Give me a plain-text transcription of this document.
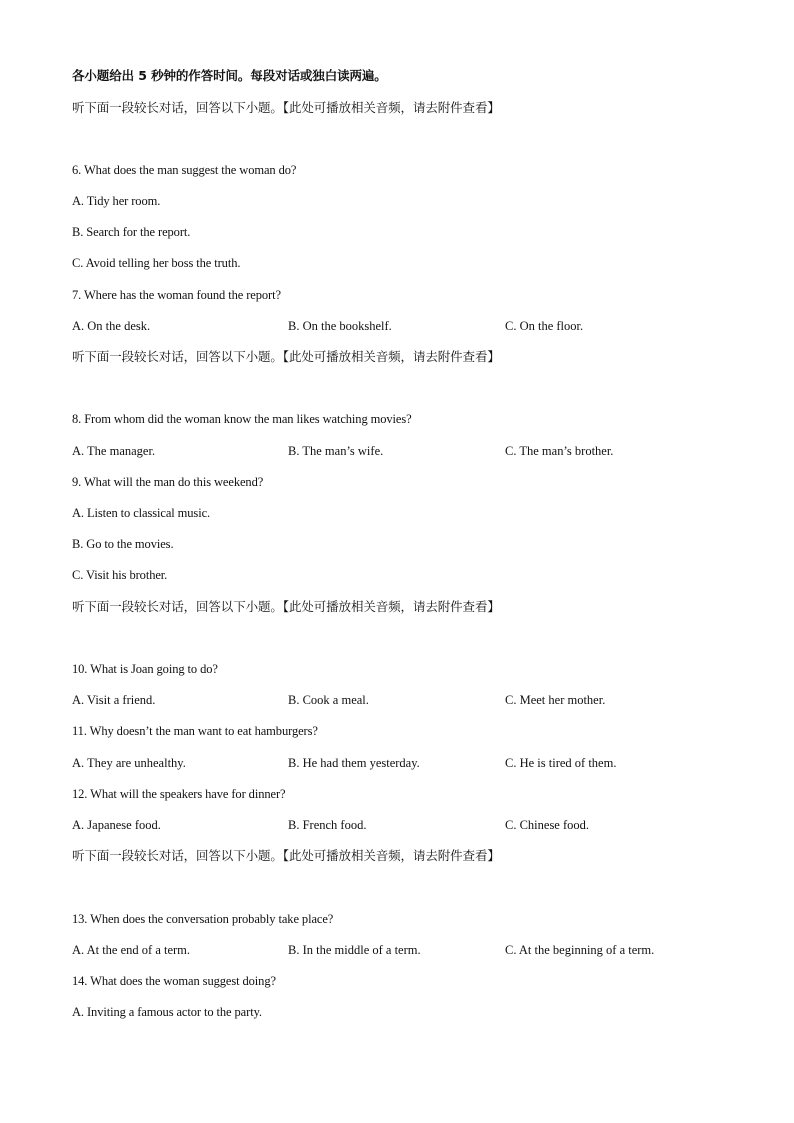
各小题给出 5 秒钟的作答时间。每段对话或独白读两遍。
听下面一段较长对话，回答以下小题。【此处可播放相关音频，请去附件查看】
6. What does the man suggest the woman do?
A. Tidy her room.
B. Search for the report.
C. Avoid telling her boss the truth.
7. Where has the woman found the report?
A. On the desk.	B. On the bookshelf.	C. On the floor.
听下面一段较长对话，回答以下小题。【此处可播放相关音频，请去附件查看】
8. From whom did the woman know the man likes watching movies?
A. The manager.	B. The man’s wife.	C. The man’s brother.
9. What will the man do this weekend?
A. Listen to classical music.
B. Go to the movies.
C. Visit his brother.
听下面一段较长对话，回答以下小题。【此处可播放相关音频，请去附件查看】
10. What is Joan going to do?
A. Visit a friend.	B. Cook a meal.	C. Meet her mother.
11. Why doesn’t the man want to eat hamburgers?
A. They are unhealthy.	B. He had them yesterday.	C. He is tired of them.
12. What will the speakers have for dinner?
A. Japanese food.	B. French food.	C. Chinese food.
听下面一段较长对话，回答以下小题。【此处可播放相关音频，请去附件查看】
13. When does the conversation probably take place?
A. At the end of a term.	B. In the middle of a term.	C. At the beginning of a term.
14. What does the woman suggest doing?
A. Inviting a famous actor to the party.
